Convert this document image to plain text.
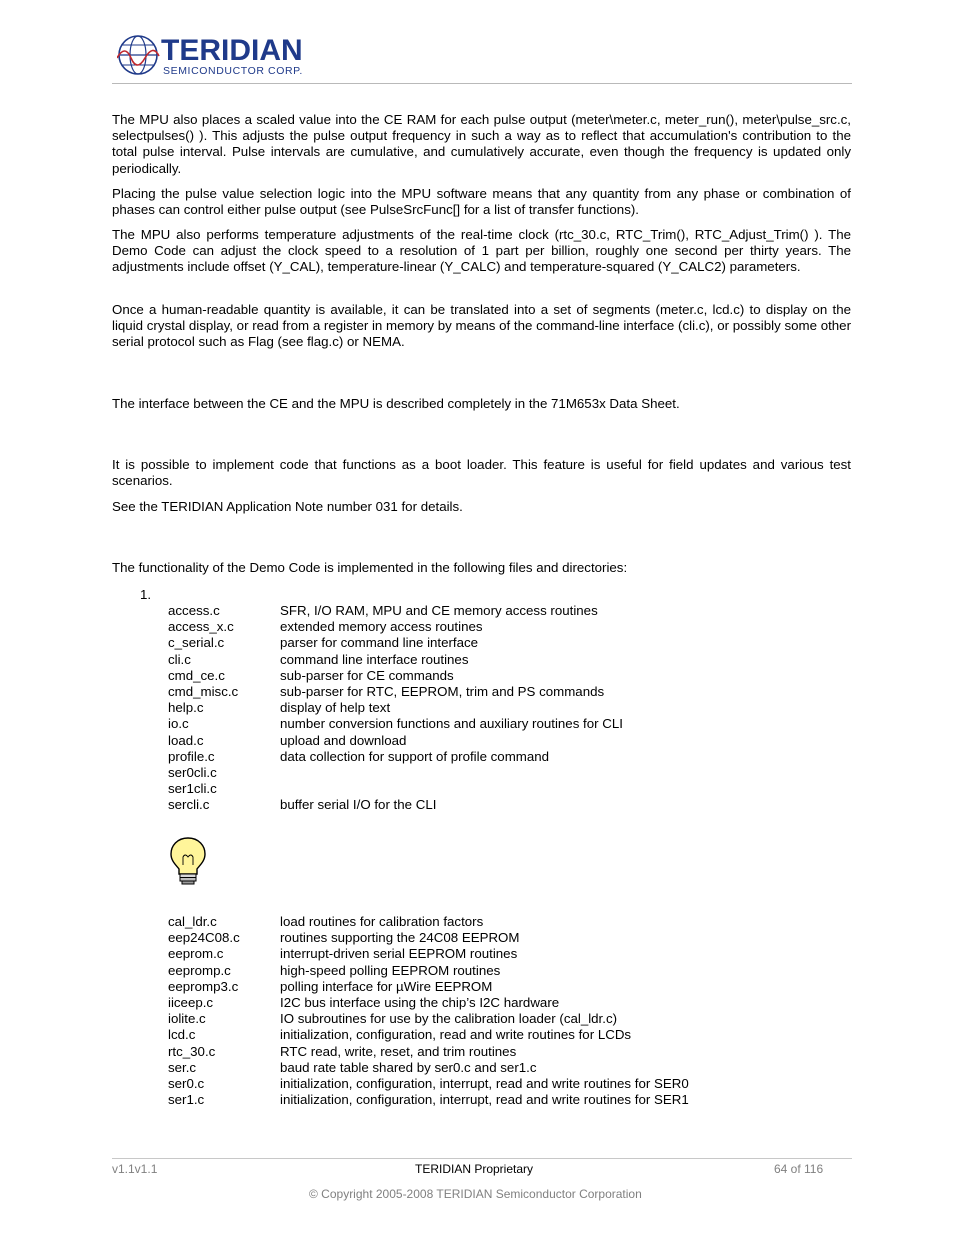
TERIDIAN
SEMICONDUCTOR CORP.

The MPU also places a scaled value into the CE RAM for each pulse output (meter\meter.c, meter_run(), meter\pulse_src.c, selectpulses() ). This adjusts the pulse output frequency in such a way as to reflect that accumulation's contribution to the total pulse interval. Pulse intervals are cumulative, and cumulatively accurate, even though the frequency is updated only periodically.

Placing the pulse value selection logic into the MPU software means that any quantity from any phase or combination of phases can control either pulse output (see PulseSrcFunc[] for a list of transfer functions).

The MPU also performs temperature adjustments of the real-time clock (rtc_30.c, RTC_Trim(), RTC_Adjust_Trim() ). The Demo Code can adjust the clock speed to a resolution of 1 part per billion, roughly one second per thirty years. The adjustments include offset (Y_CAL), temperature-linear (Y_CALC) and temperature-squared (Y_CALC2) parameters.

Once a human-readable quantity is available, it can be translated into a set of segments (meter.c, lcd.c) to display on the liquid crystal display, or read from a register in memory by means of the command-line interface (cli.c), or possibly some other serial protocol such as Flag (see flag.c) or NEMA.

The interface between the CE and the MPU is described completely in the 71M653x Data Sheet.

It is possible to implement code that functions as a boot loader. This feature is useful for field updates and various test scenarios.

See the TERIDIAN Application Note number 031 for details.

The functionality of the Demo Code is implemented in the following files and directories:

1.
access.c	SFR, I/O RAM, MPU and CE memory access routines
access_x.c	extended memory access routines
c_serial.c	parser for command line interface
cli.c	command line interface routines
cmd_ce.c	sub-parser for CE commands
cmd_misc.c	sub-parser for RTC, EEPROM, trim and PS commands
help.c	display of help text
io.c	number conversion functions and auxiliary routines for CLI
load.c	upload and download
profile.c	data collection for support of profile command
ser0cli.c
ser1cli.c
sercli.c	buffer serial I/O for the CLI
cal_ldr.c	load routines for calibration factors
eep24C08.c	routines supporting the 24C08 EEPROM
eeprom.c	interrupt-driven serial EEPROM routines
eepromp.c	high-speed polling EEPROM routines
eepromp3.c	polling interface for µWire EEPROM
iiceep.c	I2C bus interface using the chip’s I2C hardware
iolite.c	IO subroutines for use by the calibration loader (cal_ldr.c)
lcd.c	initialization, configuration, read and write routines for LCDs
rtc_30.c	RTC read, write, reset, and trim routines
ser.c	baud rate table shared by ser0.c and ser1.c
ser0.c	initialization, configuration, interrupt, read and write routines for SER0
ser1.c	initialization, configuration, interrupt, read and write routines for SER1
v1.1v1.1	TERIDIAN Proprietary	64 of 116
© Copyright 2005-2008 TERIDIAN Semiconductor Corporation
